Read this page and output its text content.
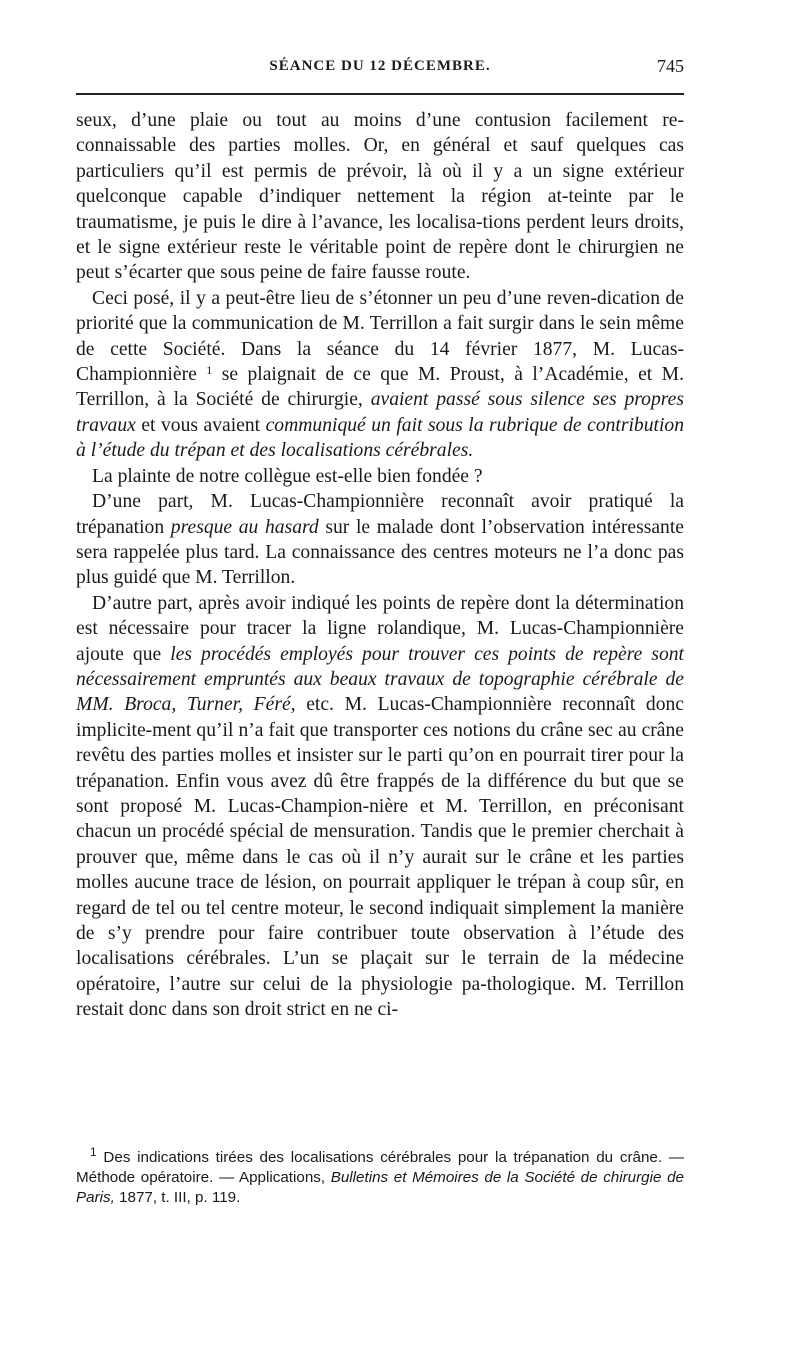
SÉANCE DU 12 DÉCEMBRE.	745

seux, d’une plaie ou tout au moins d’une contusion facilement re-connaissable des parties molles. Or, en général et sauf quelques cas particuliers qu’il est permis de prévoir, là où il y a un signe extérieur quelconque capable d’indiquer nettement la région at-teinte par le traumatisme, je puis le dire à l’avance, les localisa-tions perdent leurs droits, et le signe extérieur reste le véritable point de repère dont le chirurgien ne peut s’écarter que sous peine de faire fausse route.

Ceci posé, il y a peut-être lieu de s’étonner un peu d’une reven-dication de priorité que la communication de M. Terrillon a fait surgir dans le sein même de cette Société. Dans la séance du 14 février 1877, M. Lucas-Championnière $^1$ se plaignait de ce que M. Proust, à l’Académie, et M. Terrillon, à la Société de chirurgie, avaient passé sous silence ses propres travaux et vous avaient communiqué un fait sous la rubrique de contribution à l’étude du trépan et des localisations cérébrales.

La plainte de notre collègue est-elle bien fondée ?

D’une part, M. Lucas-Championnière reconnaît avoir pratiqué la trépanation presque au hasard sur le malade dont l’observation intéressante sera rappelée plus tard. La connaissance des centres moteurs ne l’a donc pas plus guidé que M. Terrillon.

D’autre part, après avoir indiqué les points de repère dont la détermination est nécessaire pour tracer la ligne rolandique, M. Lucas-Championnière ajoute que les procédés employés pour trouver ces points de repère sont nécessairement empruntés aux beaux travaux de topographie cérébrale de MM. Broca, Turner, Féré, etc. M. Lucas-Championnière reconnaît donc implicite-ment qu’il n’a fait que transporter ces notions du crâne sec au crâne revêtu des parties molles et insister sur le parti qu’on en pourrait tirer pour la trépanation. Enfin vous avez dû être frappés de la différence du but que se sont proposé M. Lucas-Champion-nière et M. Terrillon, en préconisant chacun un procédé spécial de mensuration. Tandis que le premier cherchait à prouver que, même dans le cas où il n’y aurait sur le crâne et les parties molles aucune trace de lésion, on pourrait appliquer le trépan à coup sûr, en regard de tel ou tel centre moteur, le second indiquait simplement la manière de s’y prendre pour faire contribuer toute observation à l’étude des localisations cérébrales. L’un se plaçait sur le terrain de la médecine opératoire, l’autre sur celui de la physiologie pa-thologique. M. Terrillon restait donc dans son droit strict en ne ci-

$^1$ Des indications tirées des localisations cérébrales pour la trépanation du crâne. — Méthode opératoire. — Applications, Bulletins et Mémoires de la Société de chirurgie de Paris, 1877, t. III, p. 119.
